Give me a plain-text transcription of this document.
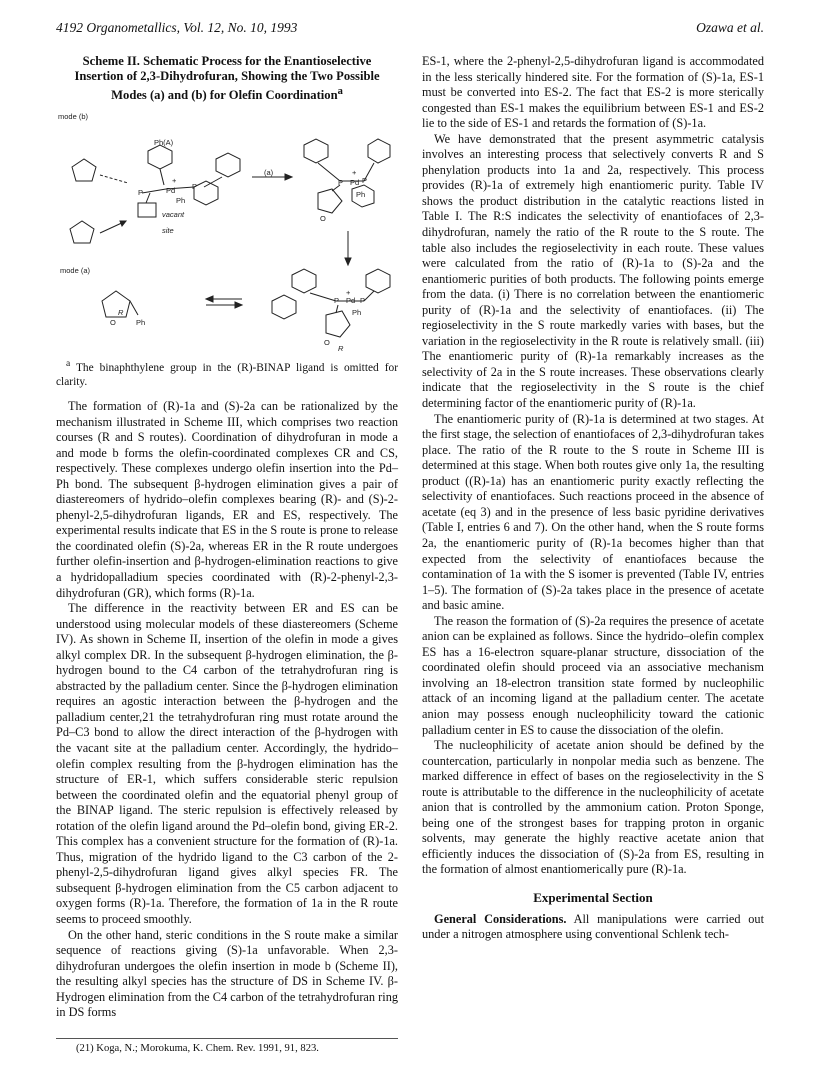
4192 Organometallics, Vol. 12, No. 10, 1993	Ozawa et al.
Scheme II. Schematic Process for the Enantioselective Insertion of 2,3-Dihydrofuran, Showing the Two Possible Modes (a) and (b) for Olefin Coordination$^a$
mode (b)
Ph(A)
mode (a)
(a)
vacant
site
P	Pd
+
P
Ph
P Pd
+
P
Ph
O
R
O	Ph
P Pd
+
P
Ph
O
R
$^a$ The binaphthylene group in the (R)-BINAP ligand is omitted for clarity.

The formation of (R)-1a and (S)-2a can be rationalized by the mechanism illustrated in Scheme III, which comprises two reaction courses (R and S routes). Coordination of dihydrofuran in mode a and mode b forms the olefin-coordinated complexes CR and CS, respectively. These complexes undergo olefin insertion into the Pd–Ph bond. The subsequent β-hydrogen elimination gives a pair of diastereomers of hydrido–olefin complexes bearing (R)- and (S)-2-phenyl-2,5-dihydrofuran ligands, ER and ES, respectively. The experimental results indicate that ES in the S route is prone to release the coordinated olefin (S)-2a, whereas ER in the R route undergoes further olefin-insertion and β-hydrogen-elimination reactions to give a hydridopalladium species coordinated with (R)-2-phenyl-2,3-dihydrofuran (GR), which forms (R)-1a.

The difference in the reactivity between ER and ES can be understood using molecular models of these diastereomers (Scheme IV). As shown in Scheme II, insertion of the olefin in mode a gives alkyl complex DR. In the subsequent β-hydrogen elimination, the β-hydrogen bound to the C4 carbon of the tetrahydrofuran ring is abstracted by the palladium center. Since the β-hydrogen elimination requires an agostic interaction between the β-hydrogen and the palladium center,21 the tetrahydrofuran ring must rotate around the Pd–C3 bond to allow the direct interaction of the β-hydrogen with the vacant site at the palladium center. Accordingly, the hydrido–olefin complex resulting from the β-hydrogen elimination has the structure of ER-1, which suffers considerable steric repulsion between the coordinated olefin and the equatorial phenyl group of the BINAP ligand. The steric repulsion is effectively released by rotation of the olefin ligand around the Pd–olefin bond, giving ER-2. This complex has a convenient structure for the formation of (R)-1a. Thus, migration of the hydrido ligand to the C3 carbon of the 2-phenyl-2,5-dihydrofuran ligand gives alkyl species FR. The subsequent β-hydrogen elimination from the C5 carbon adjacent to oxygen forms (R)-1a. Therefore, the formation of 1a in the R route seems to proceed smoothly.

On the other hand, steric conditions in the S route make a similar sequence of reactions giving (S)-1a unfavorable. When 2,3-dihydrofuran undergoes the olefin insertion in mode b (Scheme II), the resulting alkyl species has the structure of DS in Scheme IV. β-Hydrogen elimination from the C4 carbon of the tetrahydrofuran ring in DS forms

(21) Koga, N.; Morokuma, K. Chem. Rev. 1991, 91, 823.

ES-1, where the 2-phenyl-2,5-dihydrofuran ligand is accommodated in the less sterically hindered site. For the formation of (S)-1a, ES-1 must be converted into ES-2. The fact that ES-2 is more sterically congested than ES-1 makes the equilibrium between ES-1 and ES-2 lie to the side of ES-1 and retards the formation of (S)-1a.

We have demonstrated that the present asymmetric catalysis involves an interesting process that selectively converts R and S phenylation products into 1a and 2a, respectively. This process provides (R)-1a of extremely high enantiomeric purity. Table IV shows the product distribution in the catalytic reactions listed in Table I. The R:S indicates the selectivity of enantiofaces of 2,3-dihydrofuran, namely the ratio of the R route to the S route. The table also includes the regioselectivity in each route. These values were calculated from the ratio of (R)-1a to (S)-2a and the enantiomeric purities of both products. The following points emerge from the data. (i) There is no correlation between the enantiomeric purity of (R)-1a and the selectivity of enantiofaces. (ii) The regioselectivity in the S route markedly varies with bases, but the variation in the regioselectivity in the R route is relatively small. (iii) The enantiomeric purity of (R)-1a remarkably increases as the selectivity of 2a in the S route increases. These observations clearly indicate that the regioselectivity in the S route is the chief determining factor of the enantiomeric purity of (R)-1a.

The enantiomeric purity of (R)-1a is determined at two stages. At the first stage, the selection of enantiofaces of 2,3-dihydrofuran takes place. The ratio of the R route to the S route in Scheme III is determined at this stage. When both routes give only 1a, the resulting product ((R)-1a) has an enantiomeric purity exactly reflecting the selectivity of enantiofaces. Such reactions proceed in the absence of acetate (eq 3) and in the presence of less basic pyridine derivatives (Table I, entries 6 and 7). On the other hand, when the S route forms 2a, the enantiomeric purity of (R)-1a becomes higher than that expected from the selectivity of enantiofaces because the contamination of 1a with the S isomer is prevented (Table IV, entries 1–5). The formation of (S)-2a takes place in the presence of acetate and basic amine.

The reason the formation of (S)-2a requires the presence of acetate anion can be explained as follows. Since the hydrido–olefin complex ES has a 16-electron square-planar structure, dissociation of the coordinated olefin should proceed via an associative mechanism involving an 18-electron transition state formed by nucleophilic attack of an incoming ligand at the palladium center. The acetate anion may possess enough nucleophilicity toward the cationic palladium center in ES to cause the dissociation of the olefin.

The nucleophilicity of acetate anion should be defined by the countercation, particularly in nonpolar media such as benzene. The marked difference in effect of bases on the regioselectivity in the S route is attributable to the difference in the nucleophilicity of acetate anion that is controlled by the ammonium cation. Proton Sponge, being one of the strongest bases for trapping proton in organic solvents, may generate the highly reactive acetate anion that efficiently induces the dissociation of (S)-2a from ES, resulting in the formation of almost enantiomerically pure (R)-1a.

Experimental Section

General Considerations. All manipulations were carried out under a nitrogen atmosphere using conventional Schlenk tech-
